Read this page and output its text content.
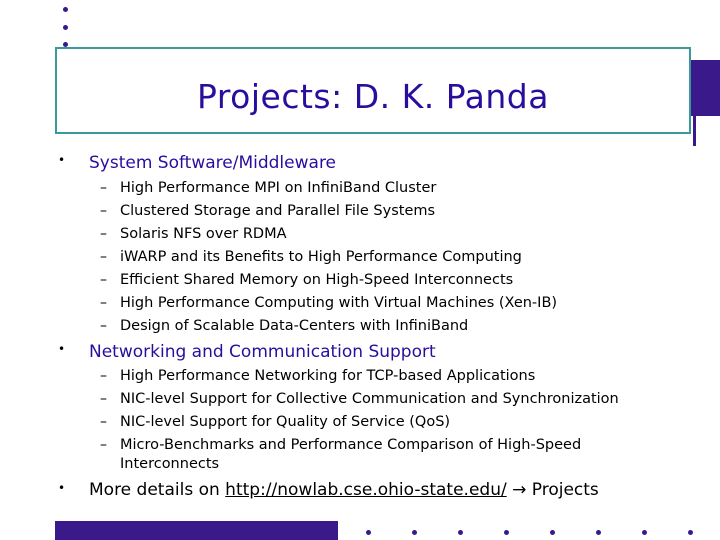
Projects: D. K. Panda
• System Software/Middleware
– High Performance MPI on InfiniBand Cluster
– Clustered Storage and Parallel File Systems
– Solaris NFS over RDMA
– iWARP and its Benefits to High Performance Computing
– Efficient Shared Memory on High-Speed Interconnects
– High Performance Computing with Virtual Machines (Xen-IB)
– Design of Scalable Data-Centers with InfiniBand
• Networking and Communication Support
– High Performance Networking for TCP-based Applications
– NIC-level Support for Collective Communication and Synchronization
– NIC-level Support for Quality of Service (QoS)
– Micro-Benchmarks and Performance Comparison of High-Speed
Interconnects
• More details on http://nowlab.cse.ohio-state.edu/ → Projects
